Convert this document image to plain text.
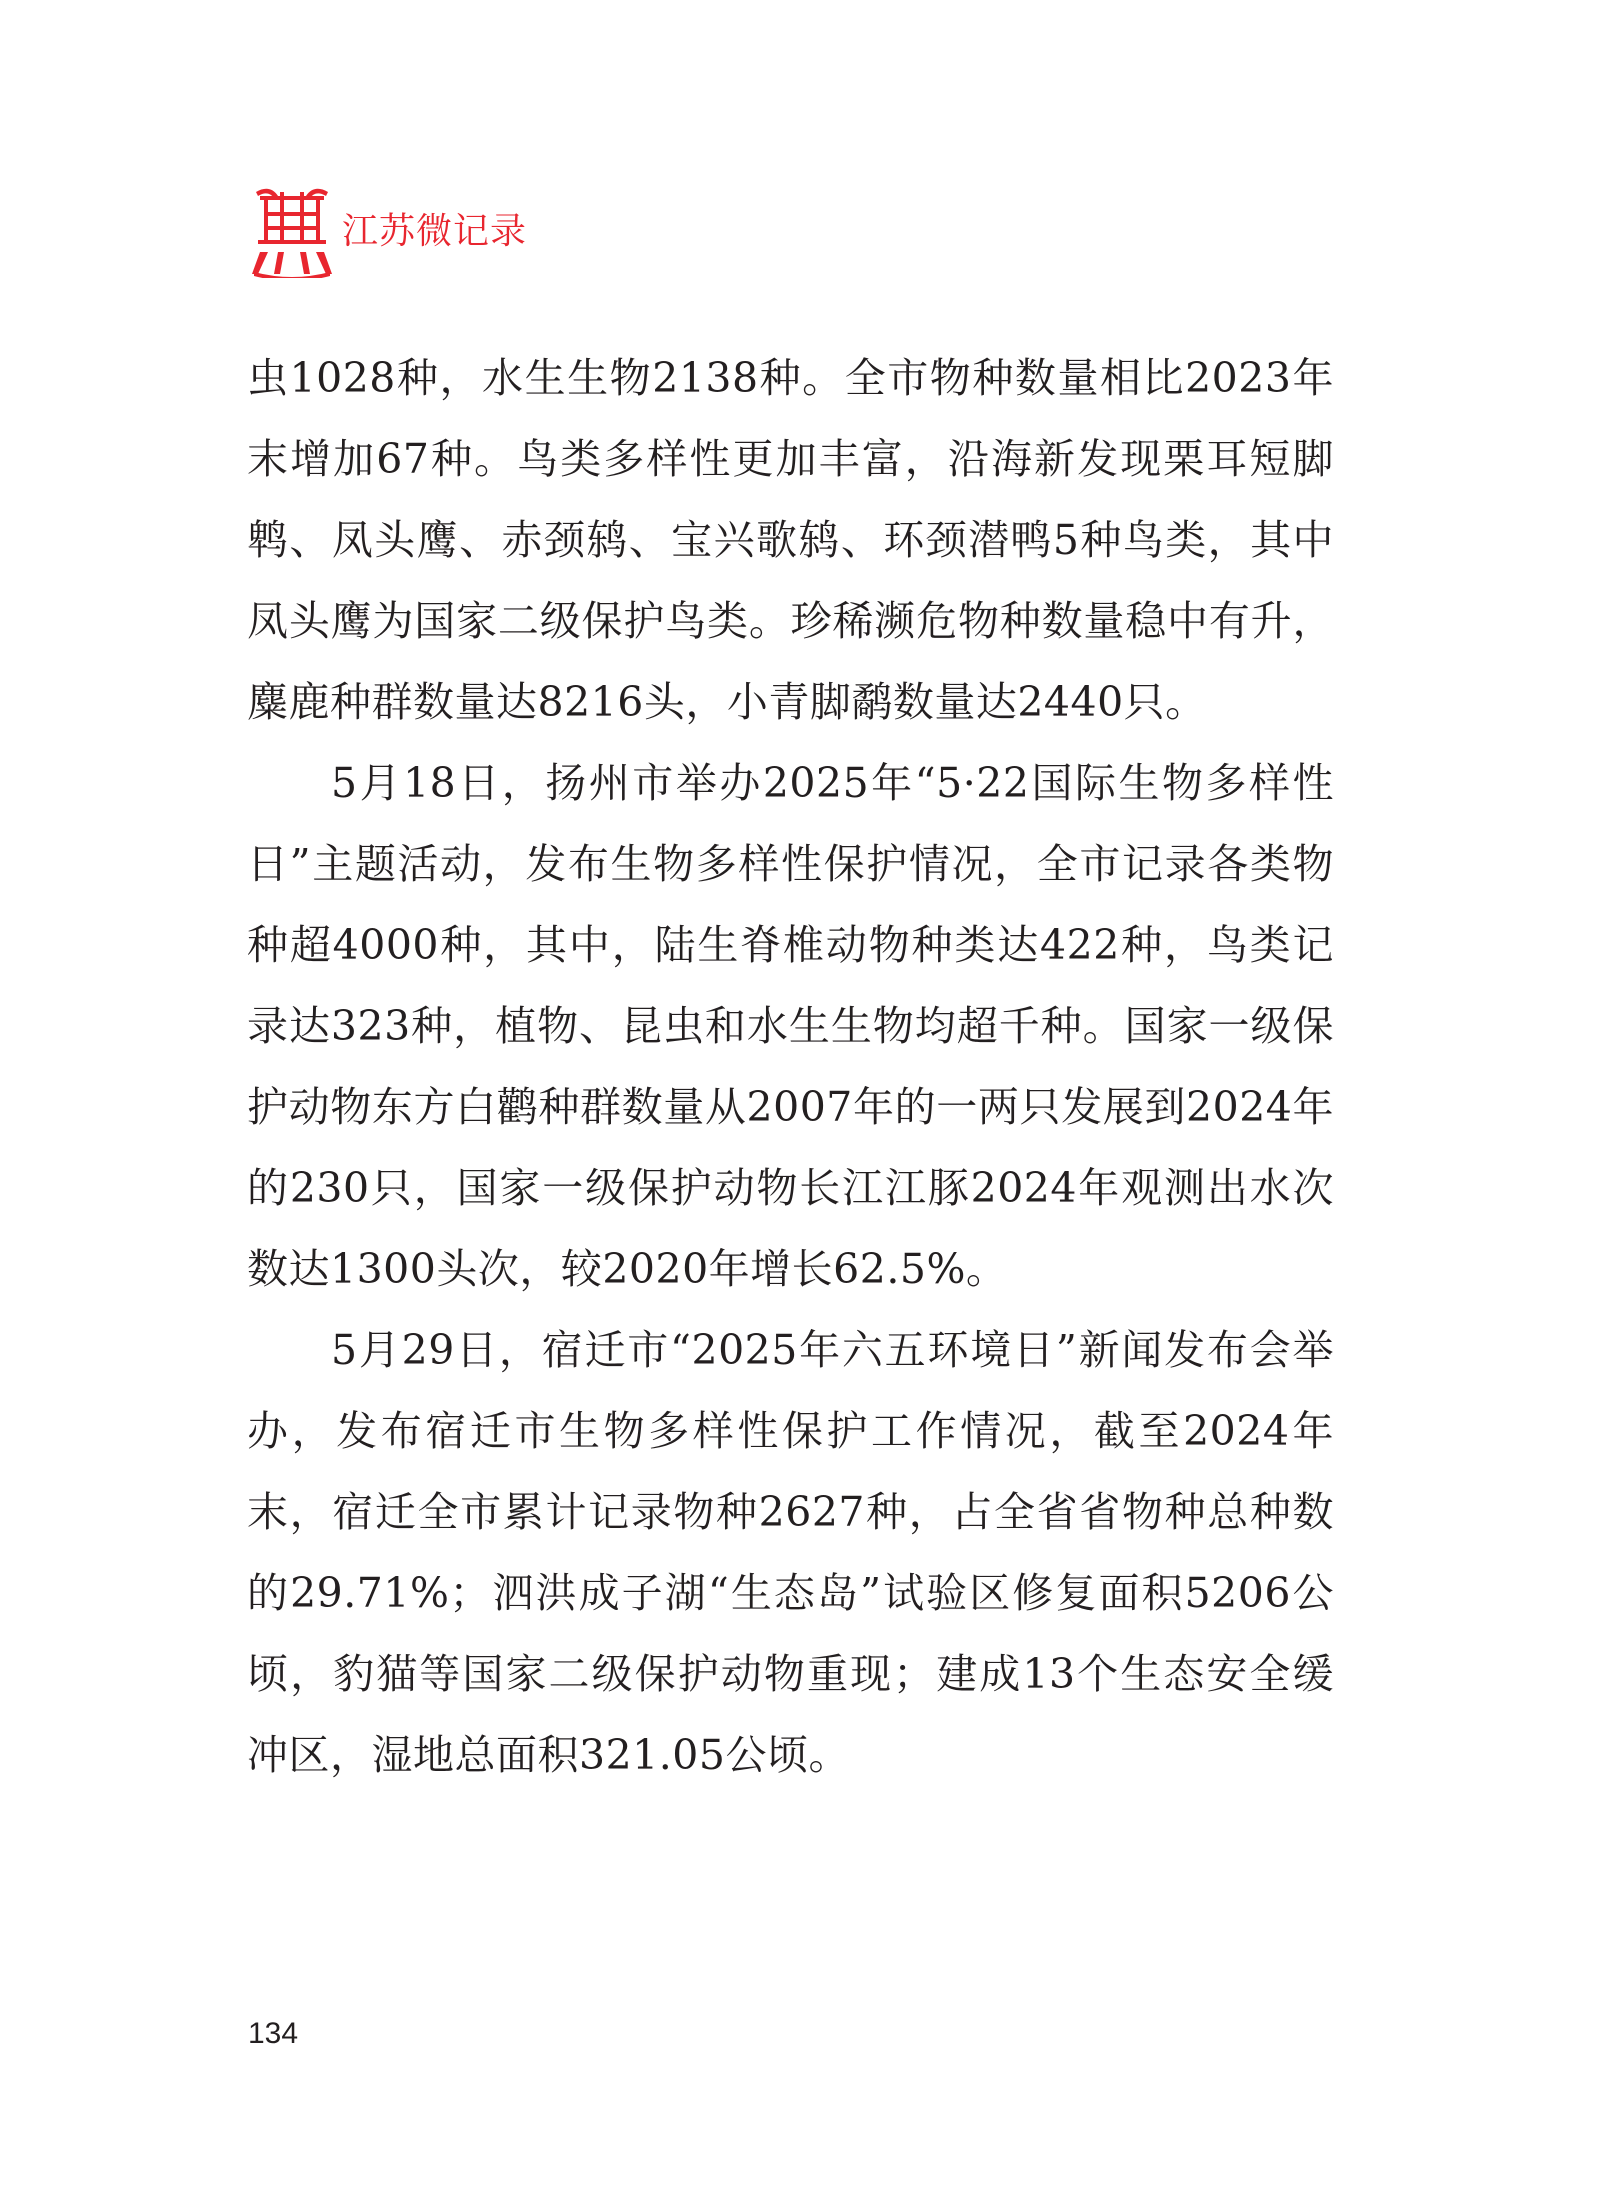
江苏微记录

虫1028种，水生生物2138种。全市物种数量相比2023年末增加67种。鸟类多样性更加丰富，沿海新发现栗耳短脚鹎、凤头鹰、赤颈鸫、宝兴歌鸫、环颈潜鸭5种鸟类，其中凤头鹰为国家二级保护鸟类。珍稀濒危物种数量稳中有升，麋鹿种群数量达8216头，小青脚鹬数量达2440只。

5月18日，扬州市举办2025年“5·22国际生物多样性日”主题活动，发布生物多样性保护情况，全市记录各类物种超4000种，其中，陆生脊椎动物种类达422种，鸟类记录达323种，植物、昆虫和水生生物均超千种。国家一级保护动物东方白鹳种群数量从2007年的一两只发展到2024年的230只，国家一级保护动物长江江豚2024年观测出水次数达1300头次，较2020年增长62.5%。

5月29日，宿迁市“2025年六五环境日”新闻发布会举办，发布宿迁市生物多样性保护工作情况，截至2024年末，宿迁全市累计记录物种2627种，占全省省物种总种数的29.71%；泗洪成子湖“生态岛”试验区修复面积5206公顷，豹猫等国家二级保护动物重现；建成13个生态安全缓冲区，湿地总面积321.05公顷。

134
